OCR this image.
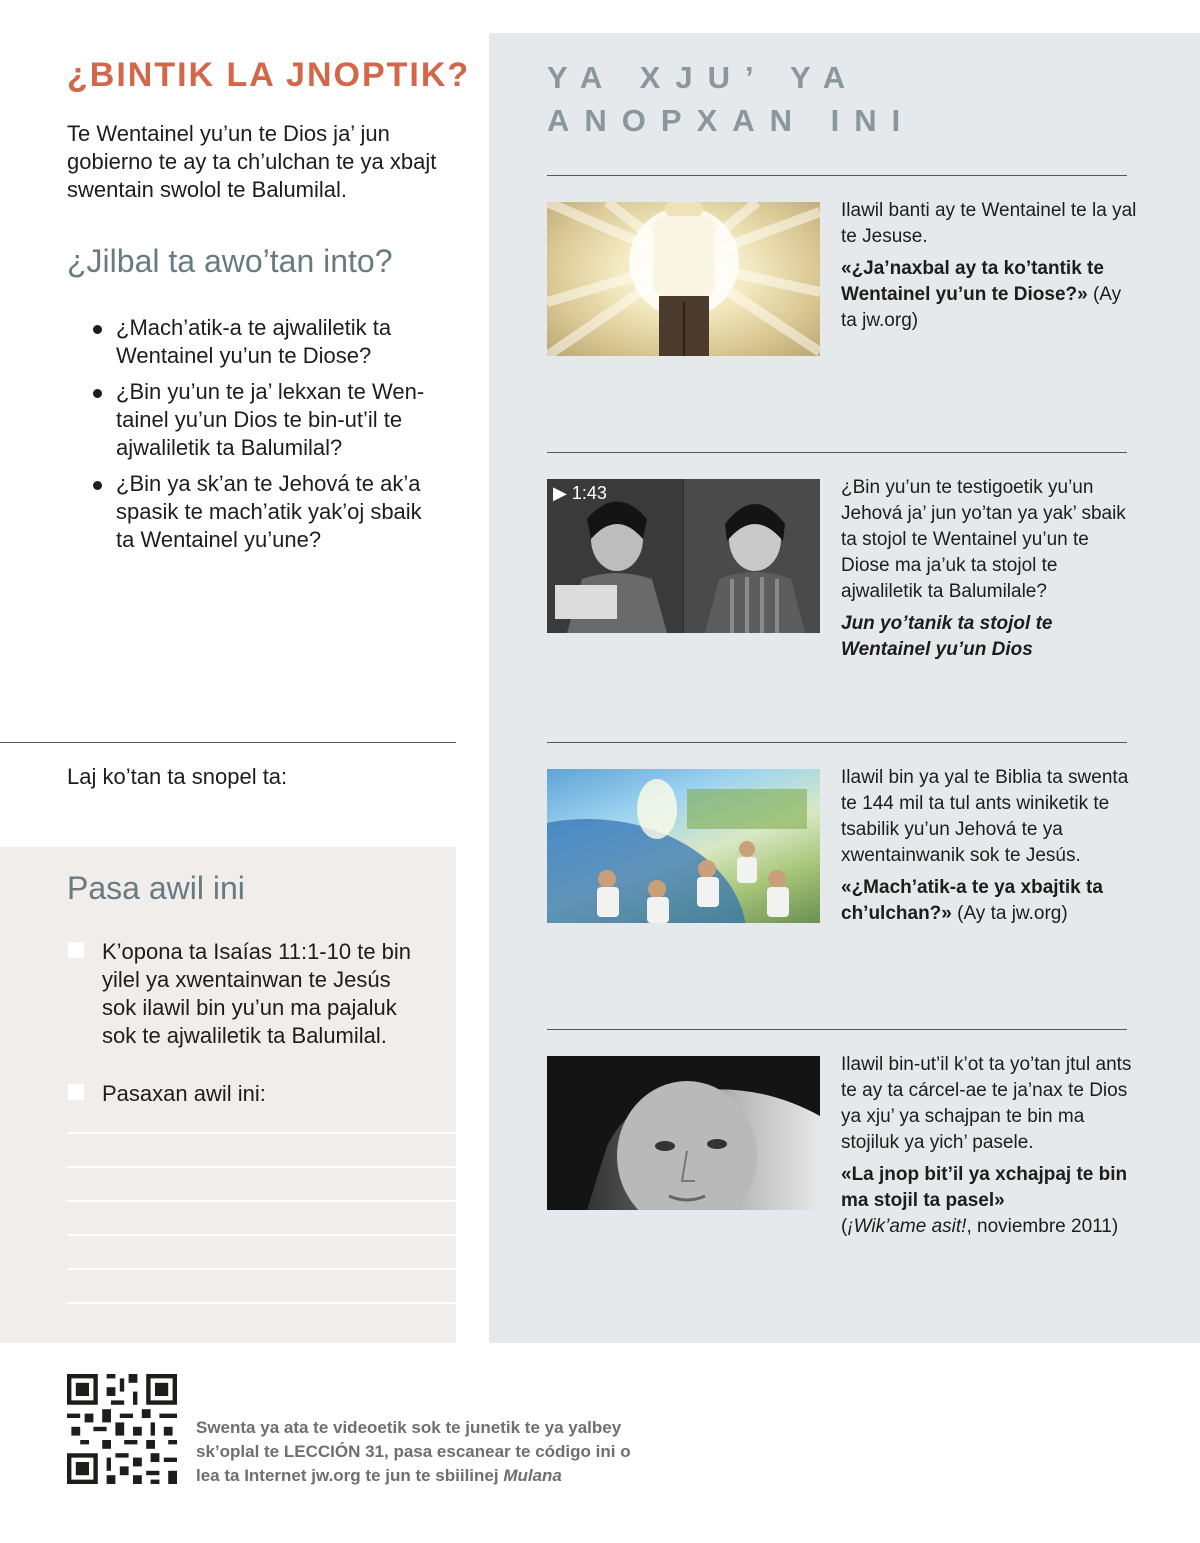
¿BINTIK LA JNOPTIK?

Te Wentainel yu’un te Dios ja’ jun gobierno te ay ta ch’ulchan te ya xbajt swentain swolol te Balumilal.

¿Jilbal ta awo’tan into?
¿Mach’atik-a te ajwaliletik ta Wentainel yu’un te Diose?
¿Bin yu’un te ja’ lekxan te Wen-tainel yu’un Dios te bin-ut’il te ajwaliletik ta Balumilal?
¿Bin ya sk’an te Jehová te ak’a spasik te mach’atik yak’oj sbaik ta Wentainel yu’une?

Laj ko’tan ta snopel ta:

Pasa awil ini
K’opona ta Isaías 11:1-10 te bin yilel ya xwentainwan te Jesús sok ilawil bin yu’un ma pajaluk sok te ajwaliletik ta Balumilal.
Pasaxan awil ini:
YA XJU’ YA
ANOPXAN INI

Ilawil banti ay te Wentainel te la yal te Jesuse.

«¿Ja’naxbal ay ta ko’tantik te Wentainel yu’un te Diose?» (Ay ta jw.org)

▶ 1:43	¿Bin yu’un te testigoetik yu’un Jehová ja’ jun yo’tan ya yak’ sbaik ta stojol te Wentainel yu’un te Diose ma ja’uk ta stojol te ajwaliletik ta Balumilale?

Jun yo’tanik ta stojol te Wentainel yu’un Dios

Ilawil bin ya yal te Biblia ta swenta te 144 mil ta tul ants winiketik te tsabilik yu’un Jehová te ya xwentainwanik sok te Jesús.

«¿Mach’atik-a te ya xbajtik ta ch’ulchan?» (Ay ta jw.org)

Ilawil bin-ut’il k’ot ta yo’tan jtul ants te ay ta cárcel-ae te ja’nax te Dios ya xju’ ya schajpan te bin ma stojiluk ya yich’ pasele.

«La jnop bit’il ya xchajpaj te bin ma stojil ta pasel»
(¡Wik’ame asit!, noviembre 2011)

Swenta ya ata te videoetik sok te junetik te ya yalbey sk’oplal te LECCIÓN 31, pasa escanear te código ini o lea ta Internet jw.org te jun te sbiilinej Mulana
